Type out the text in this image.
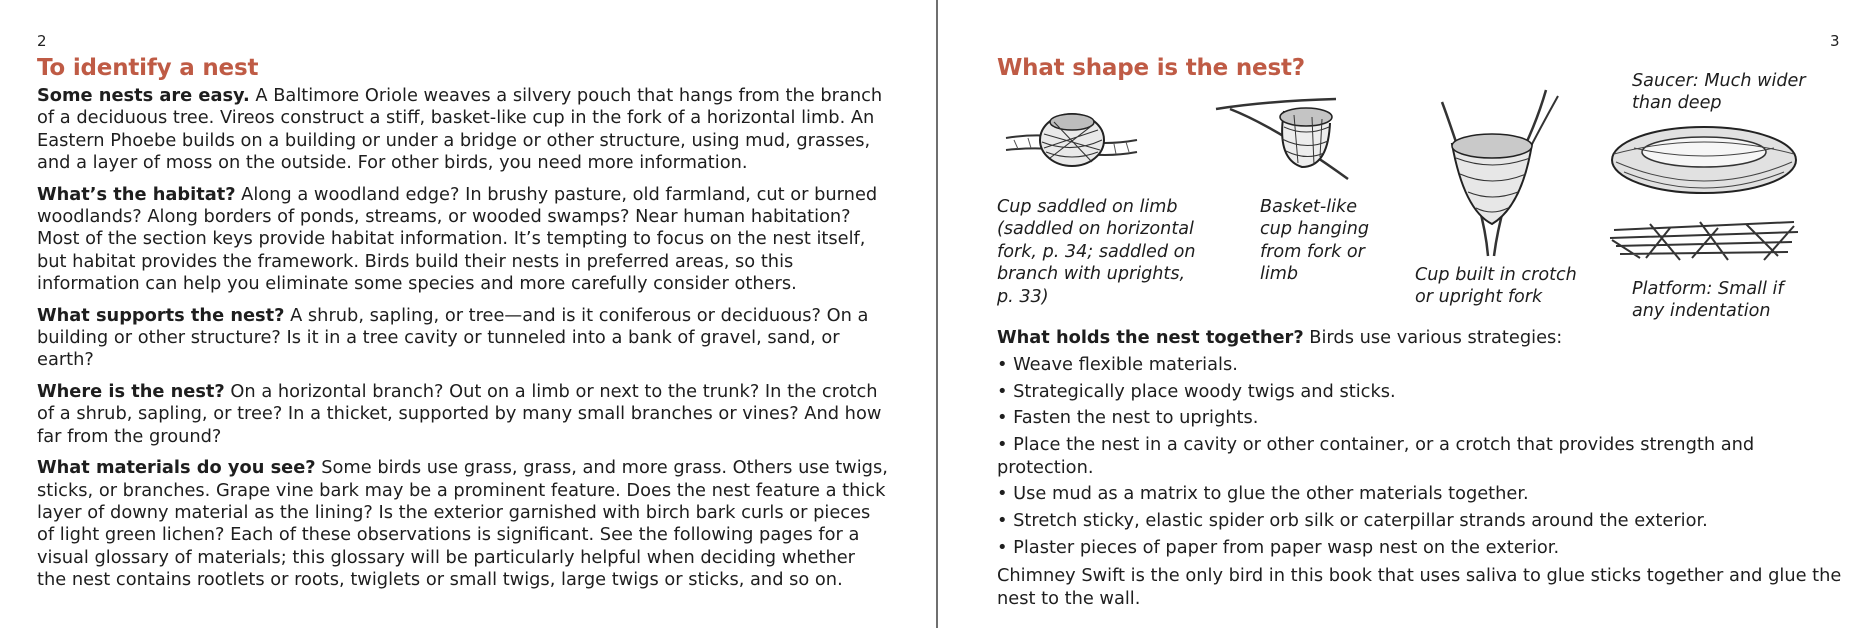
2
To identify a nest

Some nests are easy. A Baltimore Oriole weaves a silvery pouch that hangs from the branch of a deciduous tree. Vireos construct a stiff, basket-like cup in the fork of a horizontal limb. An Eastern Phoebe builds on a building or under a bridge or other structure, using mud, grasses, and a layer of moss on the outside. For other birds, you need more information.

What’s the habitat? Along a woodland edge? In brushy pasture, old farmland, cut or burned woodlands? Along borders of ponds, streams, or wooded swamps? Near human habitation? Most of the section keys provide habitat information. It’s tempting to focus on the nest itself, but habitat provides the framework. Birds build their nests in preferred areas, so this information can help you eliminate some species and more carefully consider others.

What supports the nest? A shrub, sapling, or tree—and is it coniferous or deciduous? On a building or other structure? Is it in a tree cavity or tunneled into a bank of gravel, sand, or earth?

Where is the nest? On a horizontal branch? Out on a limb or next to the trunk? In the crotch of a shrub, sapling, or tree? In a thicket, supported by many small branches or vines? And how far from the ground?

What materials do you see? Some birds use grass, grass, and more grass. Others use twigs, sticks, or branches. Grape vine bark may be a prominent feature. Does the nest feature a thick layer of downy material as the lining? Is the exterior garnished with birch bark curls or pieces of light green lichen? Each of these observations is significant. See the following pages for a visual glossary of materials; this glossary will be particularly helpful when deciding whether the nest contains rootlets or roots, twiglets or small twigs, large twigs or sticks, and so on.

3
What shape is the nest?
Cup saddled on limb (saddled on horizontal fork, p. 34; saddled on branch with uprights, p. 33)
Basket-like cup hanging from fork or limb	Cup built in crotch or upright fork
Saucer: Much wider than deep
Platform: Small if any indentation
What holds the nest together? Birds use various strategies:
• Weave flexible materials.
• Strategically place woody twigs and sticks.
• Fasten the nest to uprights.
• Place the nest in a cavity or other container, or a crotch that provides strength and protection.
• Use mud as a matrix to glue the other materials together.
• Stretch sticky, elastic spider orb silk or caterpillar strands around the exterior.
• Plaster pieces of paper from paper wasp nest on the exterior.
Chimney Swift is the only bird in this book that uses saliva to glue sticks together and glue the nest to the wall.
